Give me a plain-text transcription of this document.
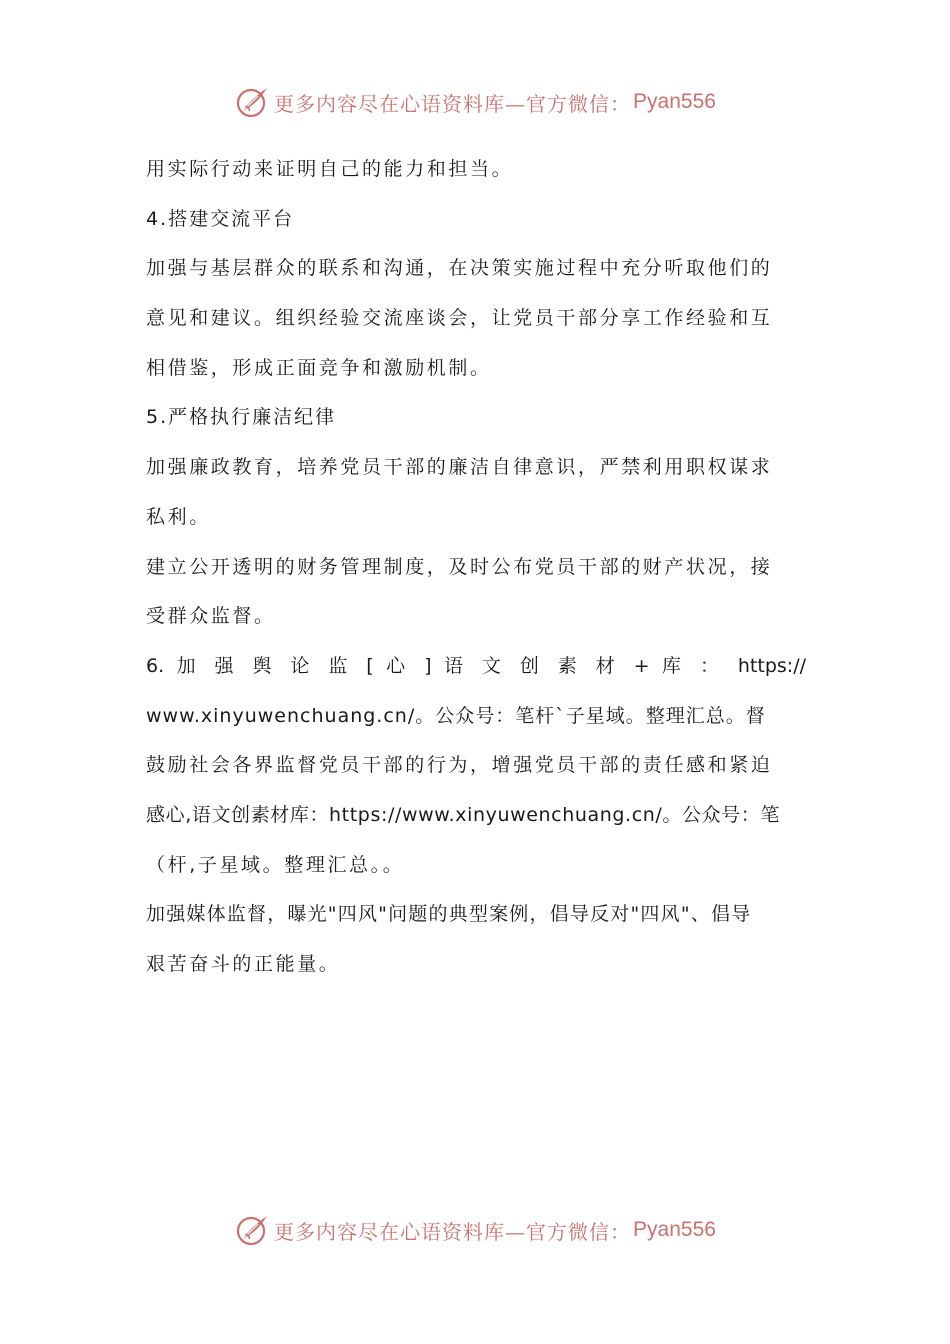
更多内容尽在心语资料库—官方微信： Pyan556
用实际行动来证明自己的能力和担当。
4.搭建交流平台
加强与基层群众的联系和沟通，在决策实施过程中充分听取他们的
意见和建议。组织经验交流座谈会，让党员干部分享工作经验和互
相借鉴，形成正面竞争和激励机制。
5.严格执行廉洁纪律
加强廉政教育，培养党员干部的廉洁自律意识，严禁利用职权谋求
私利。
建立公开透明的财务管理制度，及时公布党员干部的财产状况，接
受群众监督。
6. 加 强 舆 论 监 [ 心 ] 语 文 创 素 材 + 库 ： https://
www.xinyuwenchuang.cn/。公众号：笔杆`子星域。整理汇总。督
鼓励社会各界监督党员干部的行为，增强党员干部的责任感和紧迫
感心,语文创素材库：https://www.xinyuwenchuang.cn/。公众号：笔
（杆,子星域。整理汇总。。
加强媒体监督，曝光"四风"问题的典型案例，倡导反对"四风"、倡导
艰苦奋斗的正能量。
更多内容尽在心语资料库—官方微信： Pyan556
